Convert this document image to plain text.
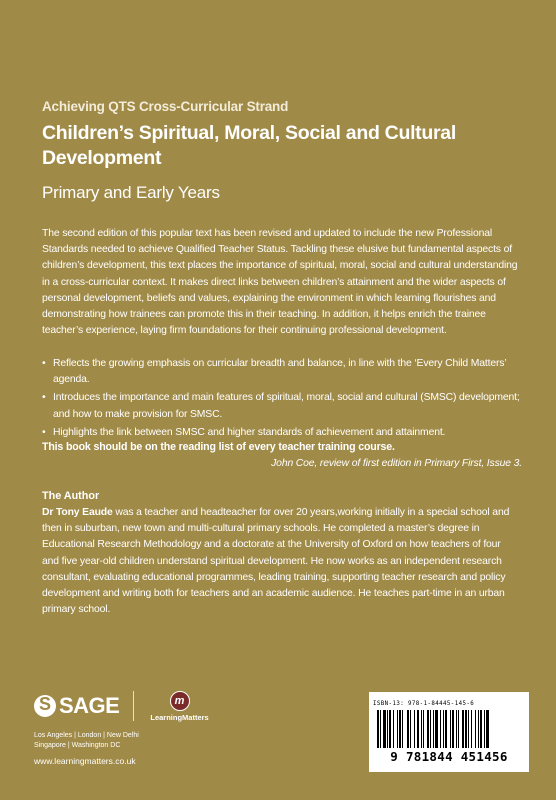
Achieving QTS Cross-Curricular Strand
Children’s Spiritual, Moral, Social and Cultural Development
Primary and Early Years
The second edition of this popular text has been revised and updated to include the new Professional Standards needed to achieve Qualified Teacher Status. Tackling these elusive but fundamental aspects of children’s development, this text places the importance of spiritual, moral, social and cultural understanding in a cross-curricular context. It makes direct links between children’s attainment and the wider aspects of personal development, beliefs and values, explaining the environment in which learning flourishes and demonstrating how trainees can promote this in their teaching. In addition, it helps enrich the trainee teacher’s experience, laying firm foundations for their continuing professional development.
• Reflects the growing emphasis on curricular breadth and balance, in line with the ‘Every Child Matters’ agenda.
• Introduces the importance and main features of spiritual, moral, social and cultural (SMSC) development; and how to make provision for SMSC.
• Highlights the link between SMSC and higher standards of achievement and attainment.
This book should be on the reading list of every teacher training course.
John Coe, review of first edition in Primary First, Issue 3.
The Author
Dr Tony Eaude was a teacher and headteacher for over 20 years,working initially in a special school and then in suburban, new town and multi-cultural primary schools. He completed a master’s degree in Educational Research Methodology and a doctorate at the University of Oxford on how teachers of four and five year-old children understand spiritual development. He now works as an independent research consultant, evaluating educational programmes, leading training, supporting teacher research and policy development and writing both for teachers and an academic audience. He teaches part-time in an urban primary school.
S
SAGE	m
LearningMatters
Los Angeles | London | New Delhi
Singapore | Washington DC
www.learningmatters.co.uk
ISBN-13: 978-1-84445-145-6
9 781844 451456
